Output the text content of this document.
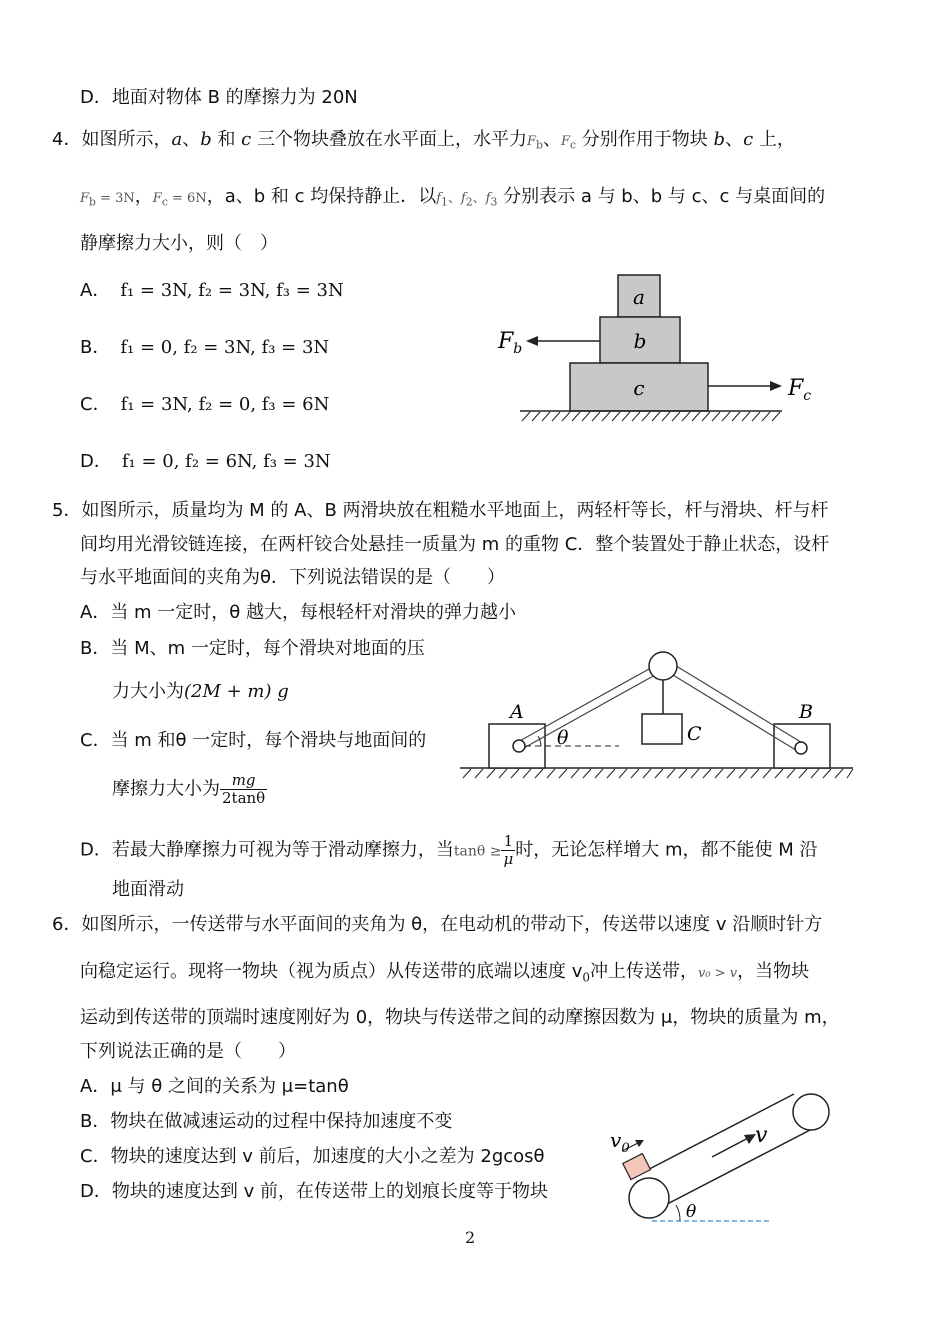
D．地面对物体 B 的摩擦力为 20N
4．如图所示，a、b 和 c 三个物块叠放在水平面上，水平力$F_b$、$F_c$ 分别作用于物块 b、c 上，
$F_b = 3N$，$F_c = 6N$，a、b 和 c 均保持静止．以$f_1$、$f_2$、$f_3$ 分别表示 a 与 b、b 与 c、c 与桌面间的
静摩擦力大小，则（　）
A． f₁ = 3N, f₂ = 3N, f₃ = 3N
B． f₁ = 0, f₂ = 3N, f₃ = 3N
C． f₁ = 3N, f₂ = 0, f₃ = 6N
D． f₁ = 0, f₂ = 6N, f₃ = 3N
a
b
c
$F_b$
$F_c$
5．如图所示，质量均为 M 的 A、B 两滑块放在粗糙水平地面上，两轻杆等长，杆与滑块、杆与杆
间均用光滑铰链连接，在两杆铰合处悬挂一质量为 m 的重物 C．整个装置处于静止状态，设杆
与水平地面间的夹角为θ．下列说法错误的是（　　）
A．当 m 一定时，θ 越大，每根轻杆对滑块的弹力越小
B．当 M、m 一定时，每个滑块对地面的压
力大小为(2M + m) g
C．当 m 和θ 一定时，每个滑块与地面间的
摩擦力大小为 $\frac{mg}{2\tan\theta}$
D．若最大静摩擦力可视为等于滑动摩擦力，当$\tan\theta \ge \frac{1}{\mu}$ 时，无论怎样增大 m，都不能使 M 沿
地面滑动
θ
A	B
C
6．如图所示，一传送带与水平面间的夹角为 θ，在电动机的带动下，传送带以速度 v 沿顺时针方
向稳定运行。现将一物块（视为质点）从传送带的底端以速度 $v_0$冲上传送带，v₀ > v，当物块
运动到传送带的顶端时速度刚好为 0，物块与传送带之间的动摩擦因数为 μ，物块的质量为 m，
下列说法正确的是（　　）
A．μ 与 θ 之间的关系为 μ=tanθ
B．物块在做减速运动的过程中保持加速度不变
C．物块的速度达到 v 前后，加速度的大小之差为 2gcosθ
D．物块的速度达到 v 前，在传送带上的划痕长度等于物块
θ
v
$v_0$
2
